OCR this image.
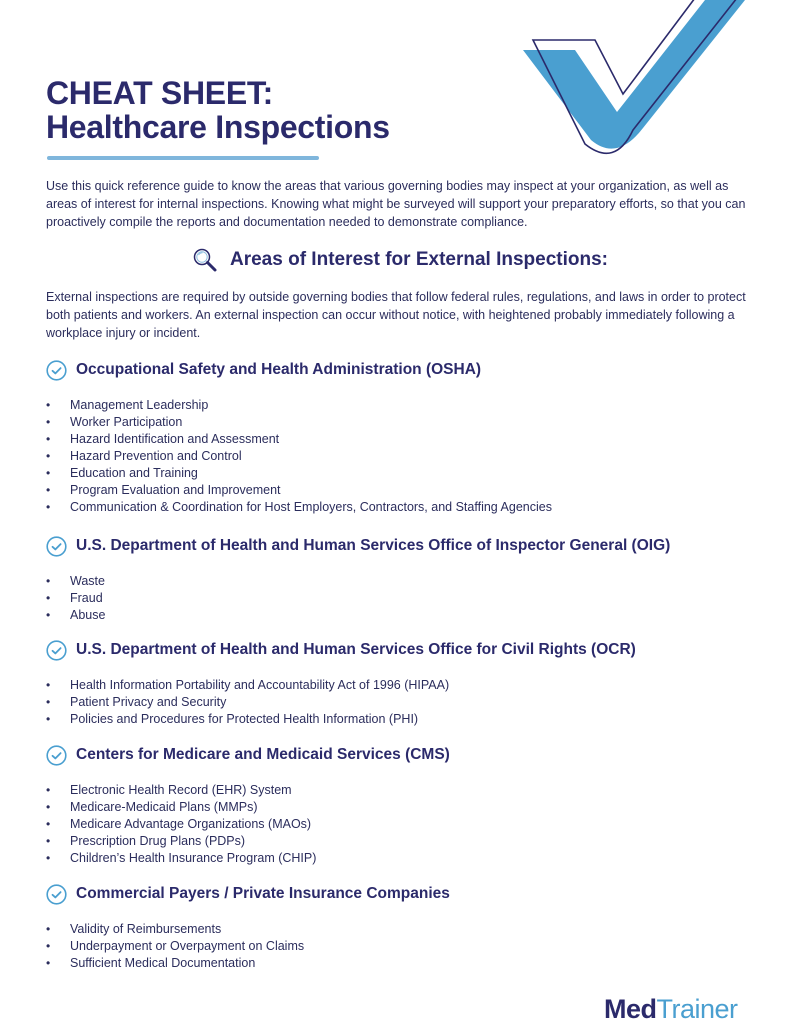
CHEAT SHEET:
Healthcare Inspections
Use this quick reference guide to know the areas that various governing bodies may inspect at your organization, as well as areas of interest for internal inspections. Knowing what might be surveyed will support your preparatory efforts, so that you can proactively compile the reports and documentation needed to demonstrate compliance.
Areas of Interest for External Inspections:
External inspections are required by outside governing bodies that follow federal rules, regulations, and laws in order to protect both patients and workers. An external inspection can occur without notice, with heightened probably immediately following a workplace injury or incident.
Occupational Safety and Health Administration (OSHA)
• Management Leadership
• Worker Participation
• Hazard Identification and Assessment
• Hazard Prevention and Control
• Education and Training
• Program Evaluation and Improvement
• Communication & Coordination for Host Employers, Contractors, and Staffing Agencies
U.S. Department of Health and Human Services Office of Inspector General (OIG)
• Waste
• Fraud
• Abuse
U.S. Department of Health and Human Services Office for Civil Rights (OCR)
• Health Information Portability and Accountability Act of 1996 (HIPAA)
• Patient Privacy and Security
• Policies and Procedures for Protected Health Information (PHI)
Centers for Medicare and Medicaid Services (CMS)
• Electronic Health Record (EHR) System
• Medicare-Medicaid Plans (MMPs)
• Medicare Advantage Organizations (MAOs)
• Prescription Drug Plans (PDPs)
• Children’s Health Insurance Program (CHIP)
Commercial Payers / Private Insurance Companies
• Validity of Reimbursements
• Underpayment or Overpayment on Claims
• Sufficient Medical Documentation
MedTrainer
